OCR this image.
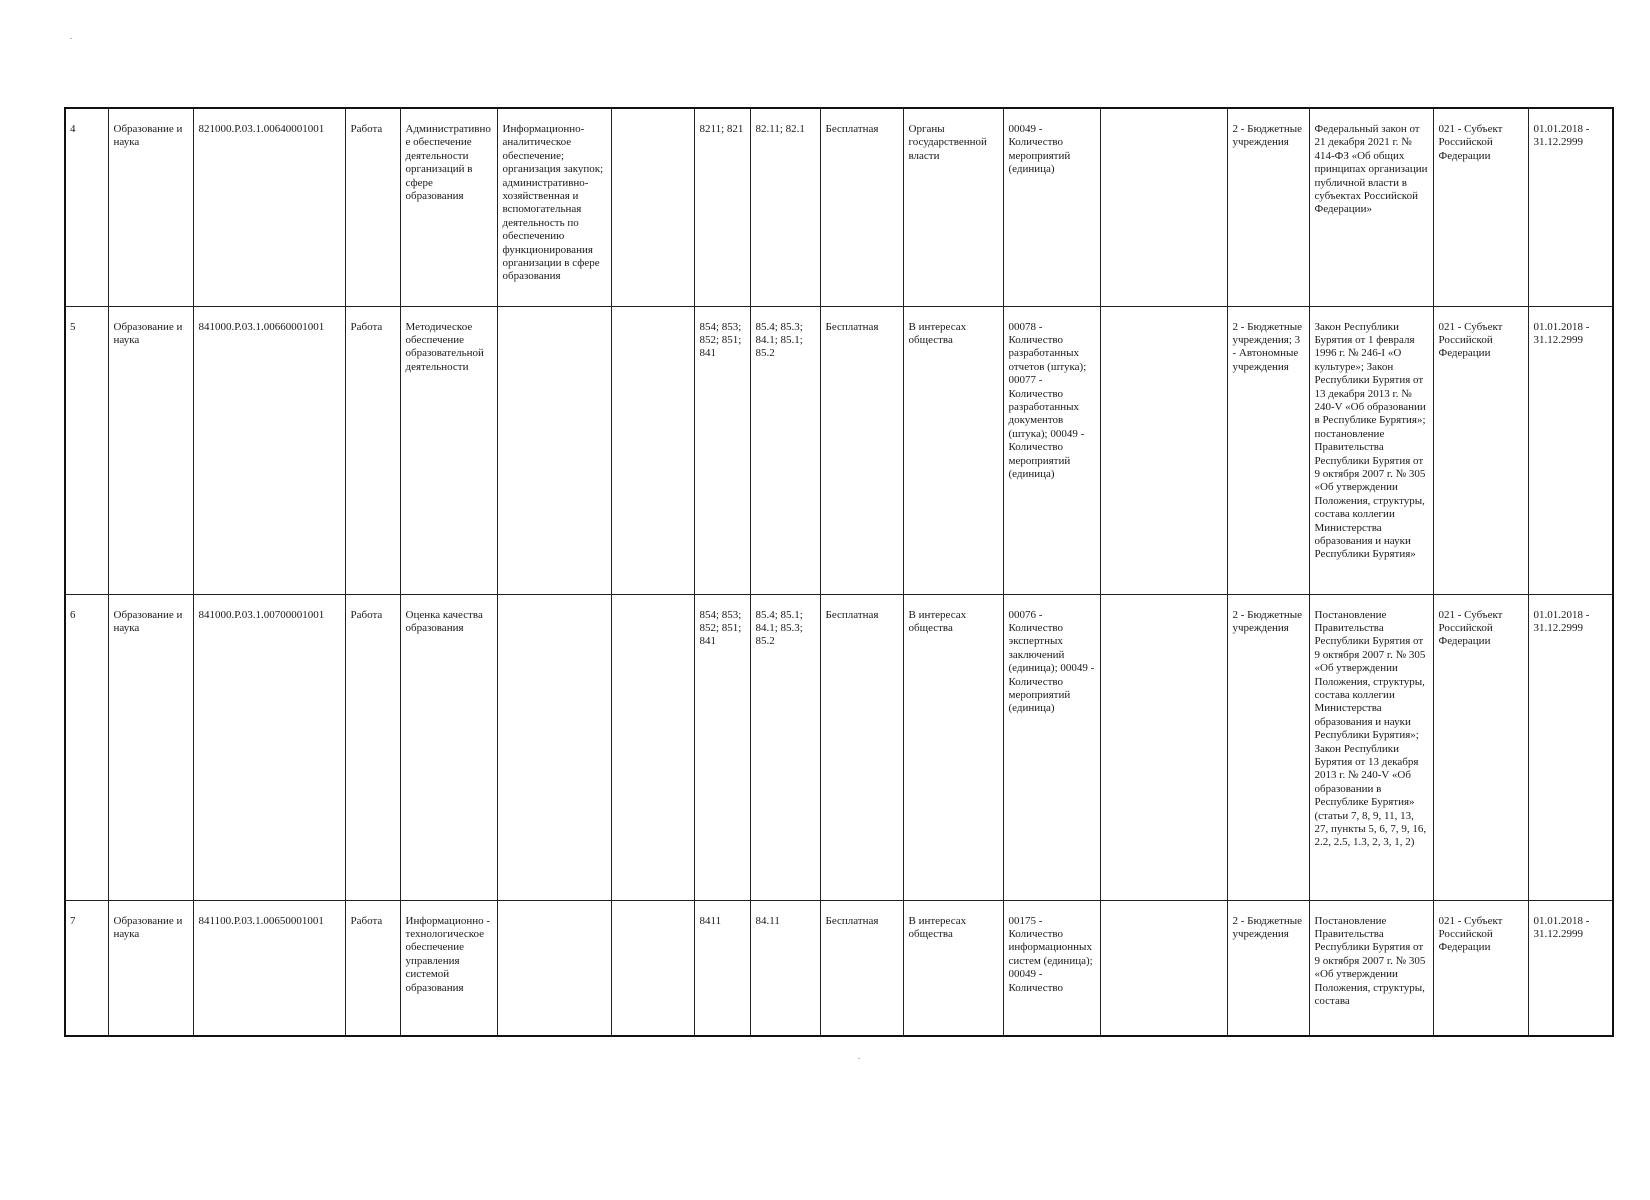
4	Образование и наука	821000.Р.03.1.00640001001	Работа	Административное обеспечение деятельности организаций в сфере образования	Информационно-аналитическое обеспечение; организация закупок; административно-хозяйственная и вспомогательная деятельность по обеспечению функционирования организации в сфере образования		8211; 821	82.11; 82.1	Бесплатная	Органы государственной власти	00049 - Количество мероприятий (единица)		2 - Бюджетные учреждения	Федеральный закон от 21 декабря 2021 г. № 414-ФЗ «Об общих принципах организации публичной власти в субъектах Российской Федерации»	021 - Субъект Российской Федерации	01.01.2018 - 31.12.2999
5	Образование и наука	841000.Р.03.1.00660001001	Работа	Методическое обеспечение образовательной деятельности			854; 853; 852; 851; 841	85.4; 85.3; 84.1; 85.1; 85.2	Бесплатная	В интересах общества	00078 - Количество разработанных отчетов (штука); 00077 - Количество разработанных документов (штука); 00049 - Количество мероприятий (единица)		2 - Бюджетные учреждения; 3 - Автономные учреждения	Закон Республики Бурятия от 1 февраля 1996 г. № 246-I «О культуре»; Закон Республики Бурятия от 13 декабря 2013 г. № 240-V «Об образовании в Республике Бурятия»; постановление Правительства Республики Бурятия от 9 октября 2007 г. № 305 «Об утверждении Положения, структуры, состава коллегии Министерства образования и науки Республики Бурятия»	021 - Субъект Российской Федерации	01.01.2018 - 31.12.2999
6	Образование и наука	841000.Р.03.1.00700001001	Работа	Оценка качества образования			854; 853; 852; 851; 841	85.4; 85.1; 84.1; 85.3; 85.2	Бесплатная	В интересах общества	00076 - Количество экспертных заключений (единица); 00049 - Количество мероприятий (единица)		2 - Бюджетные учреждения	Постановление Правительства Республики Бурятия от 9 октября 2007 г. № 305 «Об утверждении Положения, структуры, состава коллегии Министерства образования и науки Республики Бурятия»; Закон Республики Бурятия от 13 декабря 2013 г. № 240-V «Об образовании в Республике Бурятия» (статьи 7, 8, 9, 11, 13, 27, пункты 5, 6, 7, 9, 16, 2.2, 2.5, 1.3, 2, 3, 1, 2)	021 - Субъект Российской Федерации	01.01.2018 - 31.12.2999
7	Образование и наука	841100.Р.03.1.00650001001	Работа	Информационно - технологическое обеспечение управления системой образования			8411	84.11	Бесплатная	В интересах общества	00175 - Количество информационных систем (единица); 00049 - Количество		2 - Бюджетные учреждения	Постановление Правительства Республики Бурятия от 9 октября 2007 г. № 305 «Об утверждении Положения, структуры, состава	021 - Субъект Российской Федерации	01.01.2018 - 31.12.2999
